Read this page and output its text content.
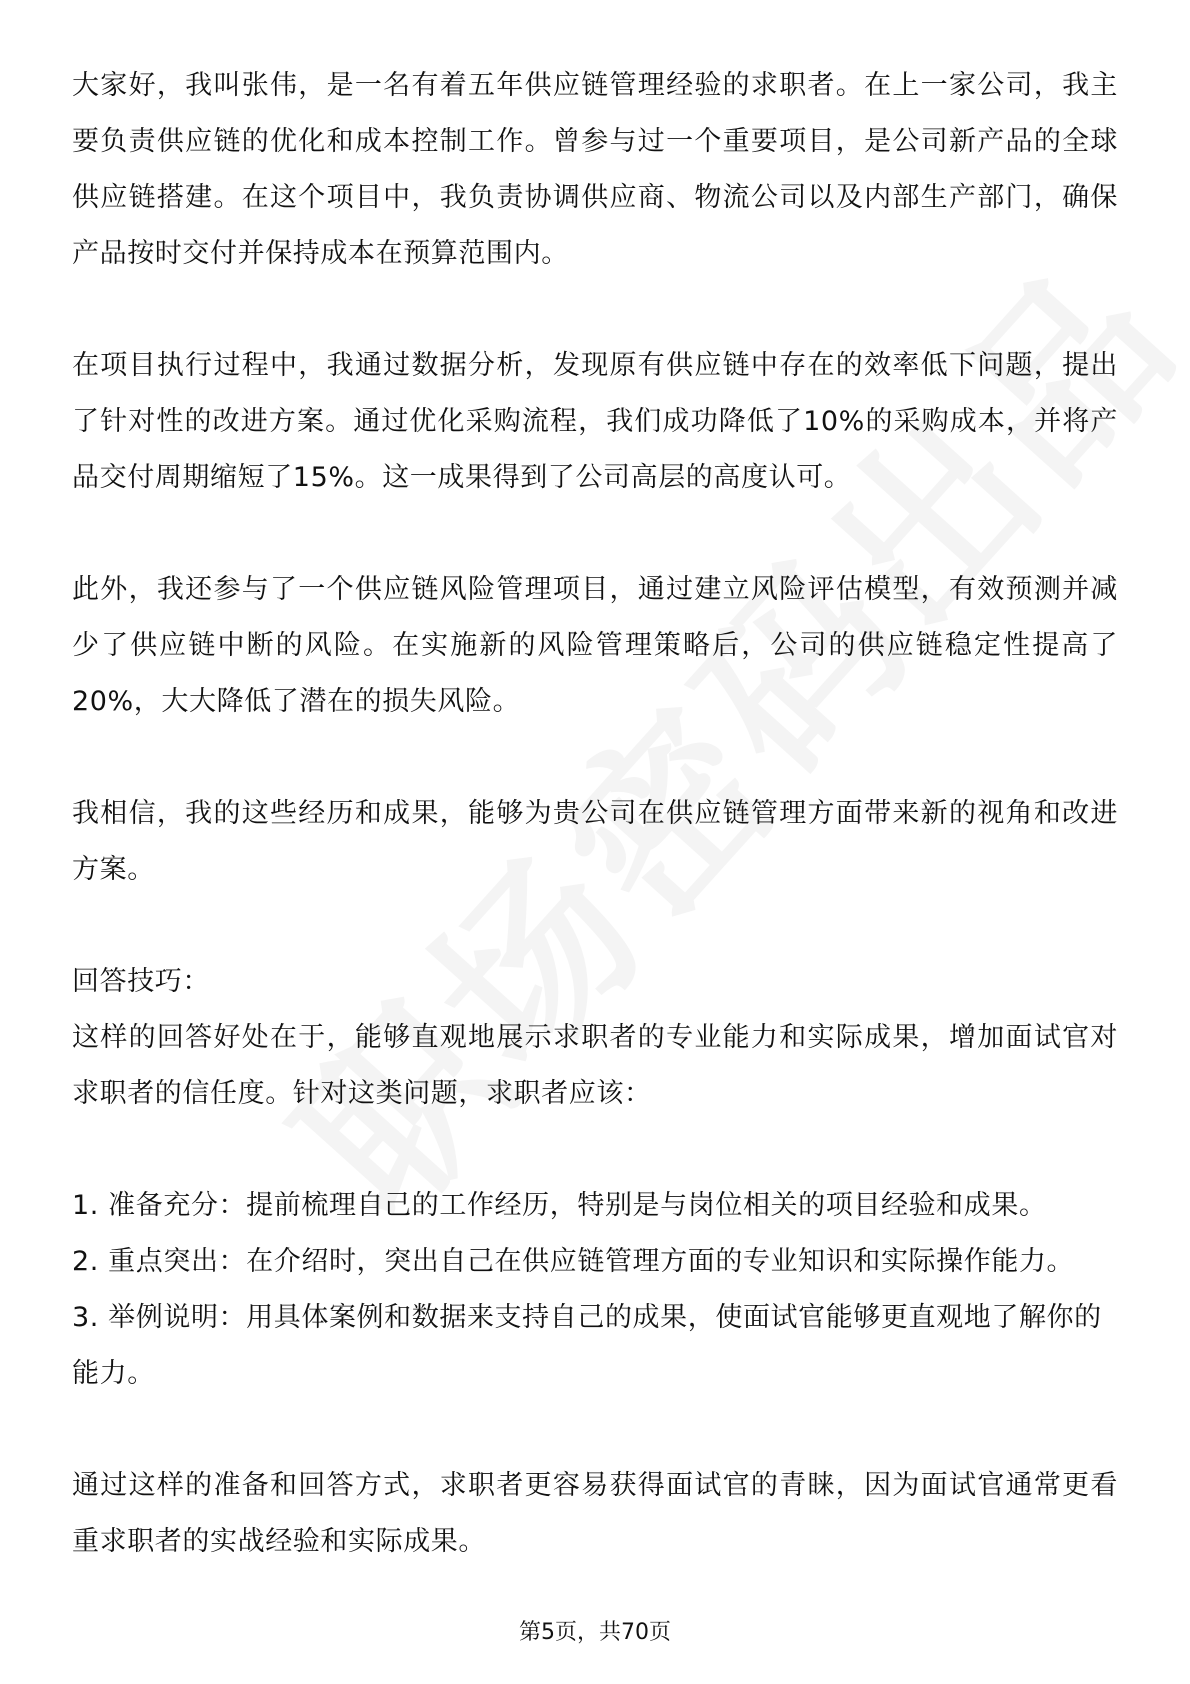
大家好，我叫张伟，是一名有着五年供应链管理经验的求职者。在上一家公司，我主要负责供应链的优化和成本控制工作。曾参与过一个重要项目，是公司新产品的全球供应链搭建。在这个项目中，我负责协调供应商、物流公司以及内部生产部门，确保产品按时交付并保持成本在预算范围内。

在项目执行过程中，我通过数据分析，发现原有供应链中存在的效率低下问题，提出了针对性的改进方案。通过优化采购流程，我们成功降低了10%的采购成本，并将产品交付周期缩短了15%。这一成果得到了公司高层的高度认可。

此外，我还参与了一个供应链风险管理项目，通过建立风险评估模型，有效预测并减少了供应链中断的风险。在实施新的风险管理策略后，公司的供应链稳定性提高了20%，大大降低了潜在的损失风险。

我相信，我的这些经历和成果，能够为贵公司在供应链管理方面带来新的视角和改进方案。

回答技巧：

这样的回答好处在于，能够直观地展示求职者的专业能力和实际成果，增加面试官对求职者的信任度。针对这类问题，求职者应该：

1. 准备充分：提前梳理自己的工作经历，特别是与岗位相关的项目经验和成果。

2. 重点突出：在介绍时，突出自己在供应链管理方面的专业知识和实际操作能力。

3. 举例说明：用具体案例和数据来支持自己的成果，使面试官能够更直观地了解你的能力。

通过这样的准备和回答方式，求职者更容易获得面试官的青睐，因为面试官通常更看重求职者的实战经验和实际成果。

第5页，共70页
